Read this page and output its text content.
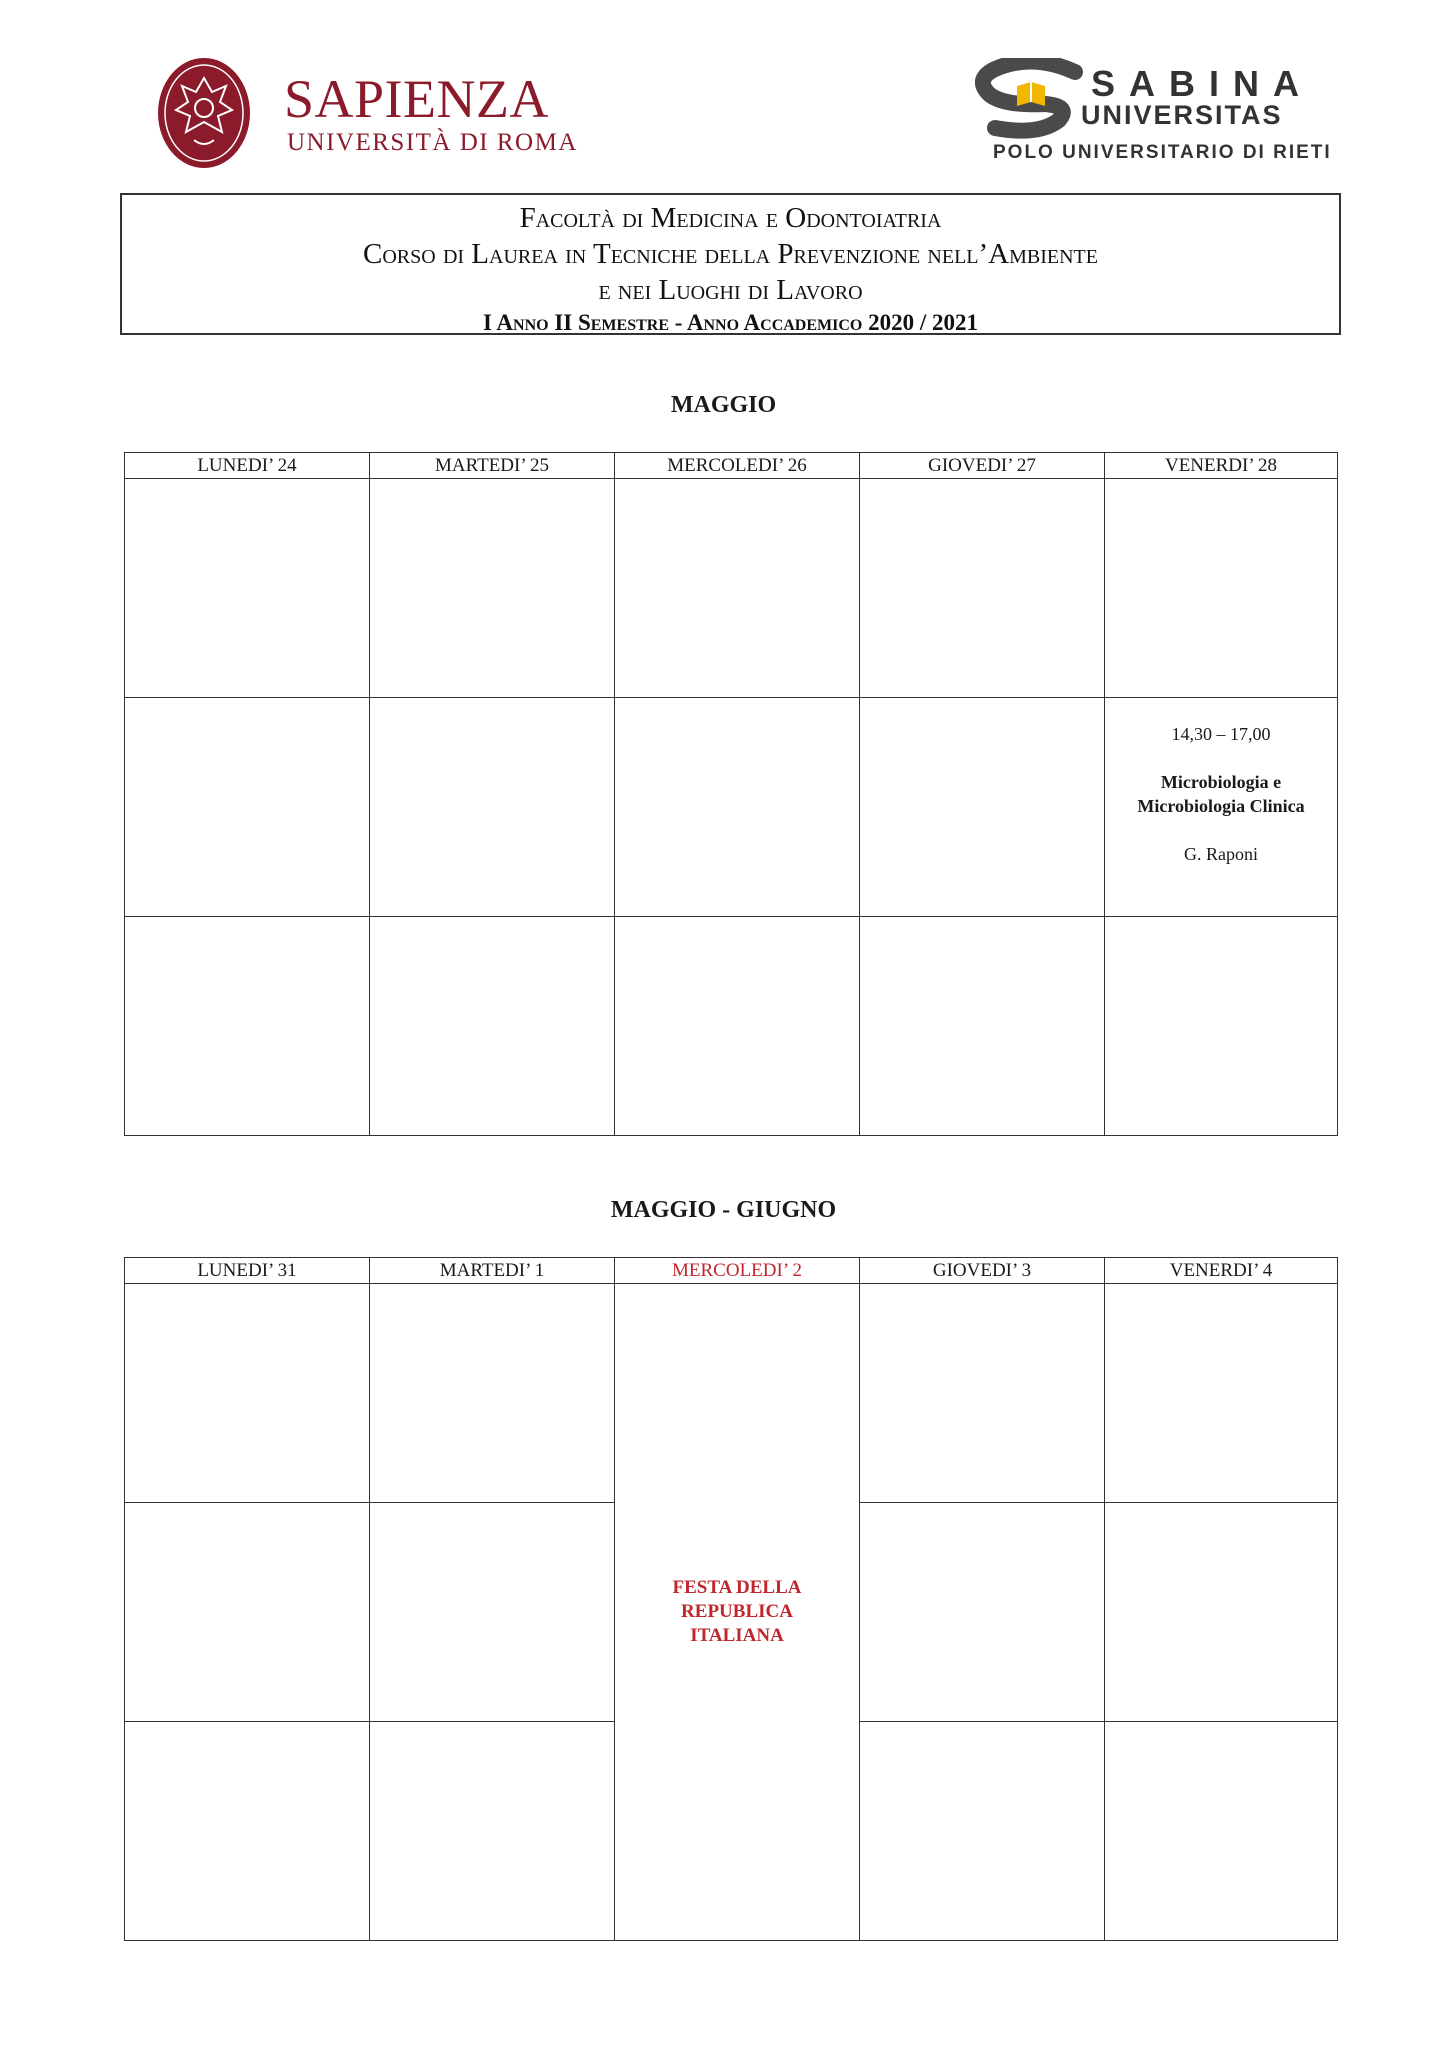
SAPIENZA
UNIVERSITÀ DI ROMA
SABINA
UNIVERSITAS
POLO UNIVERSITARIO DI RIETI
Facoltà di Medicina e Odontoiatria
Corso di Laurea in Tecniche della Prevenzione nell’Ambiente
e nei Luoghi di Lavoro
I Anno II Semestre - Anno Accademico 2020 / 2021
MAGGIO
LUNEDI’ 24	MARTEDI’ 25	MERCOLEDI’ 26	GIOVEDI’ 27	VENERDI’ 28

				14,30 – 17,00
Microbiologia e Microbiologia Clinica
G. Raponi

MAGGIO - GIUGNO
LUNEDI’ 31	MARTEDI’ 1	MERCOLEDI’ 2	GIOVEDI’ 3	VENERDI’ 4

		FESTA DELLA REPUBLICA ITALIANA		
